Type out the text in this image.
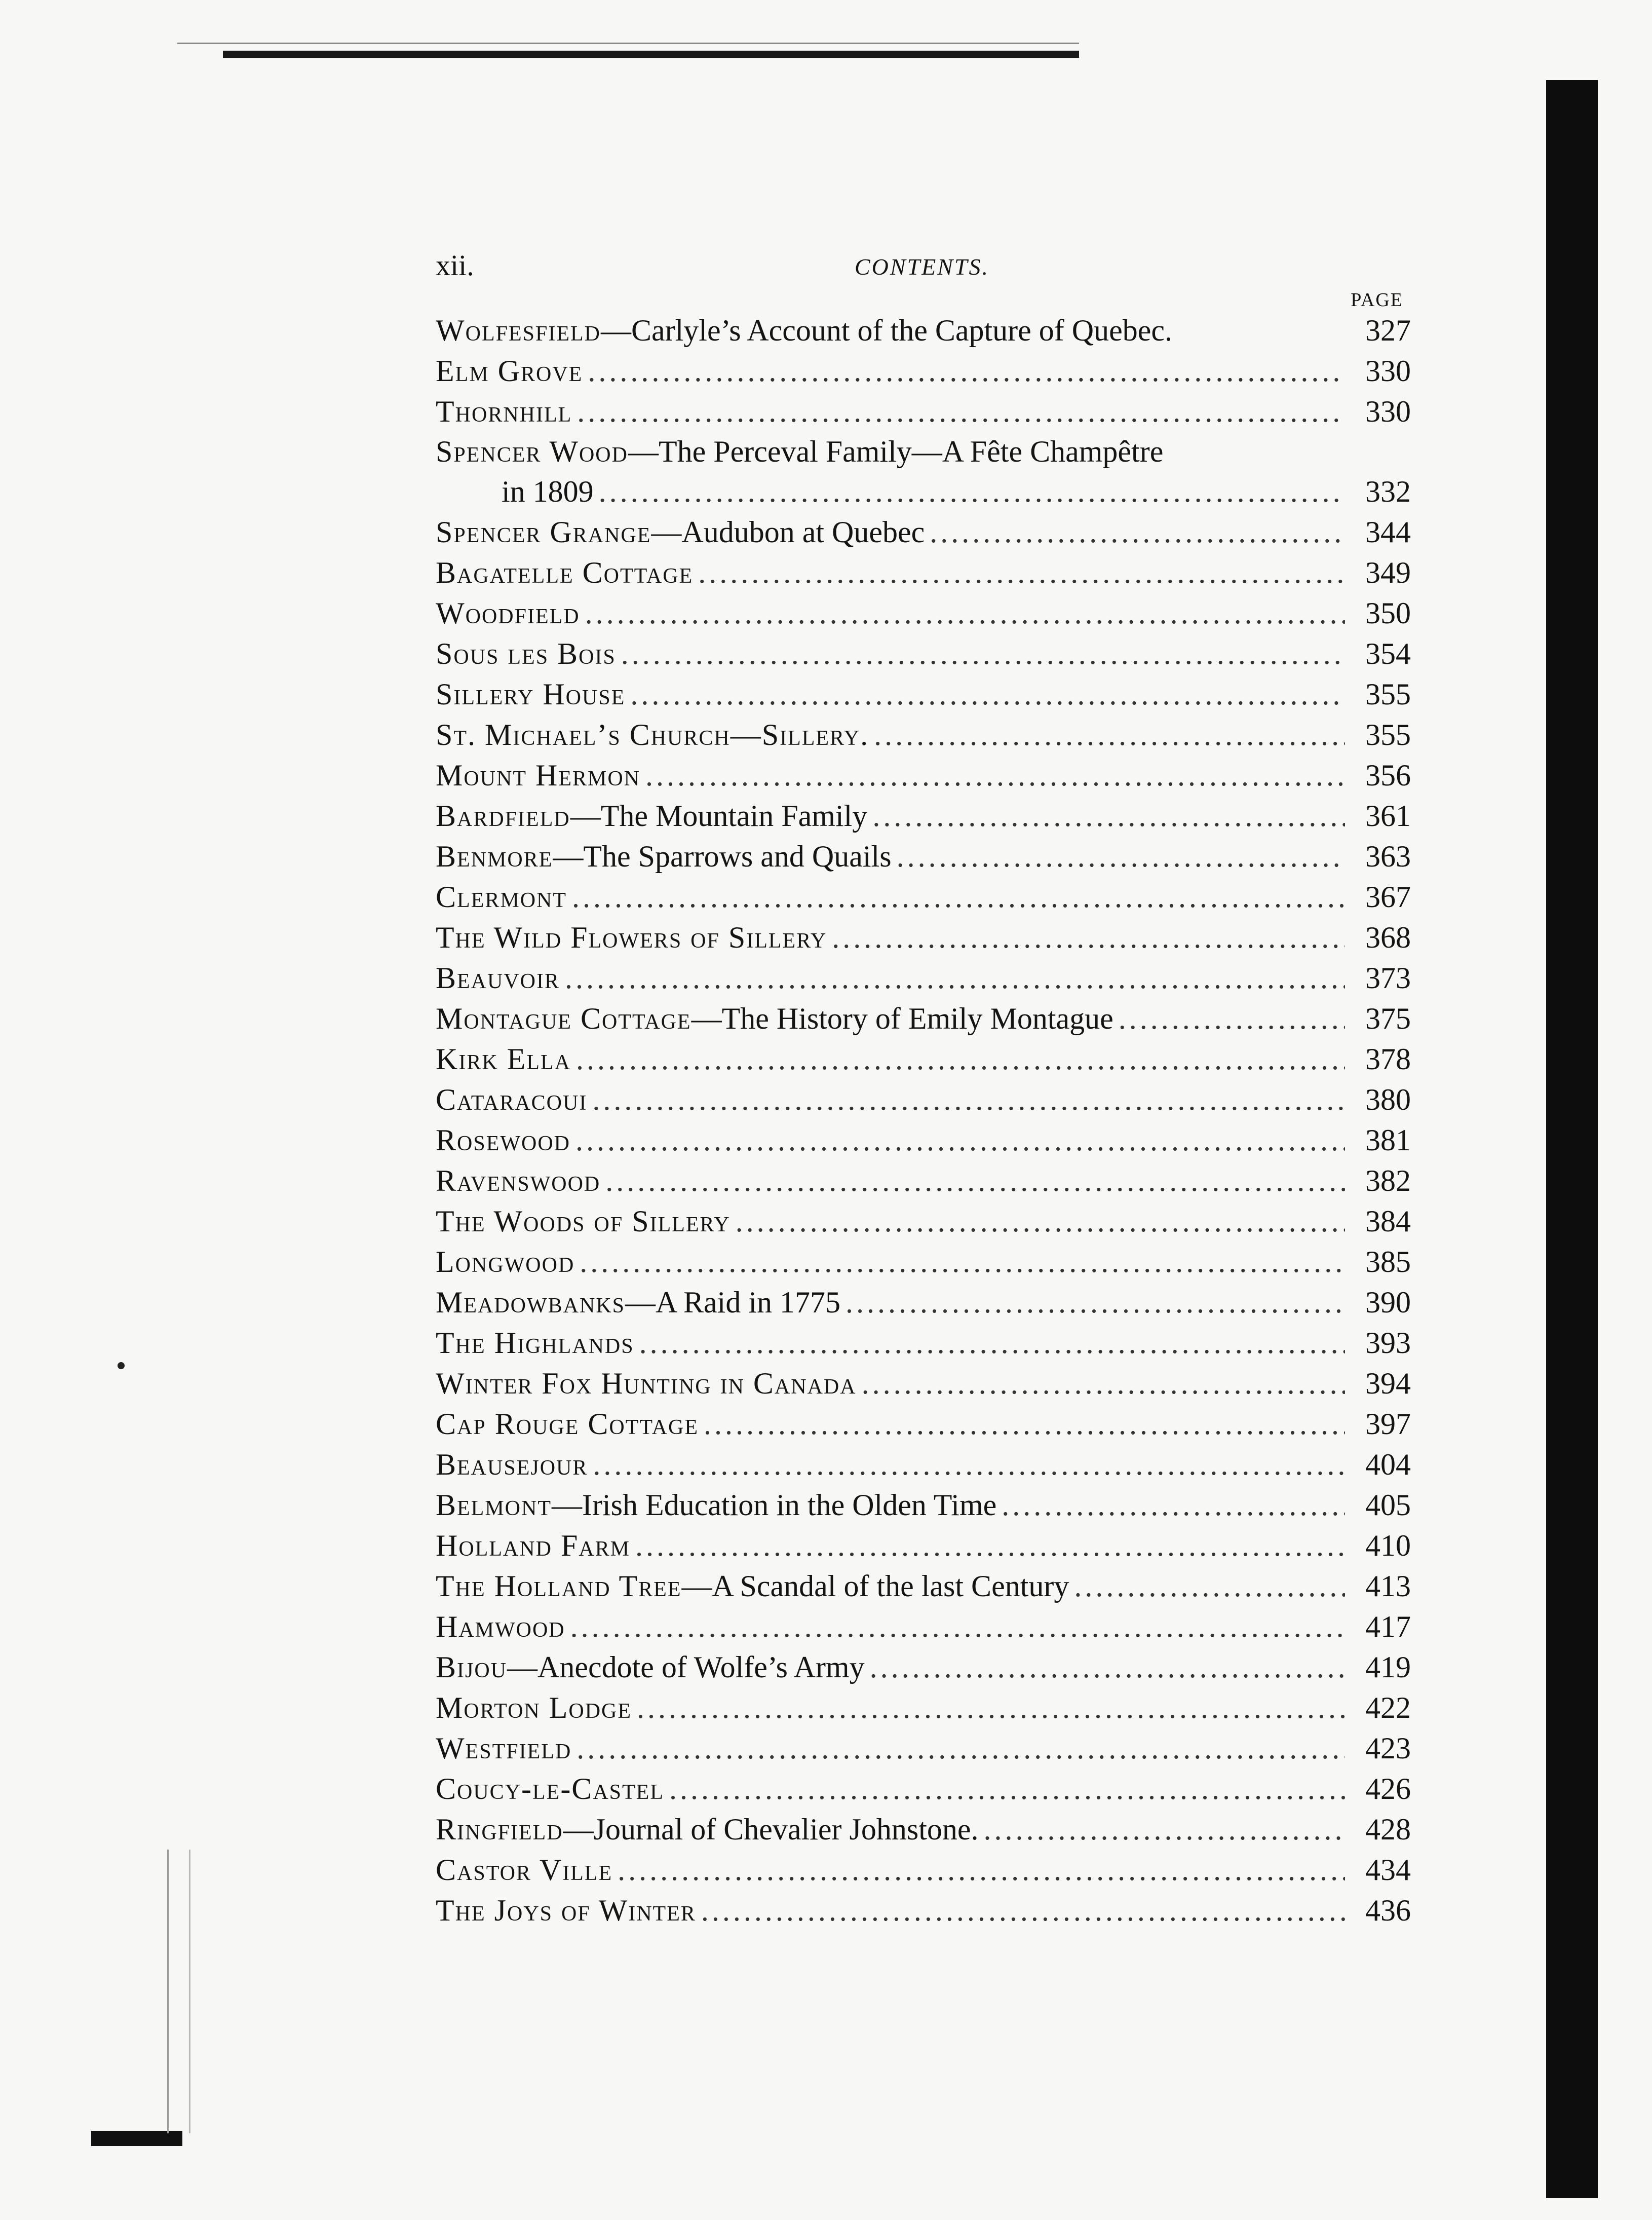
xii.	CONTENTS.
PAGE
Wolfesfield—Carlyle’s Account of the Capture of Quebec.	327
Elm Grove .....	330
Thornhill .....	330
Spencer Wood—The Perceval Family—A Fête Champêtre
in 1809 .....	332
Spencer Grange—Audubon at Quebec .....	344
Bagatelle Cottage .....	349
Woodfield .....	350
Sous les Bois .....	354
Sillery House .....	355
St. Michael’s Church—Sillery. .....	355
Mount Hermon .....	356
Bardfield—The Mountain Family .....	361
Benmore—The Sparrows and Quails .....	363
Clermont .....	367
The Wild Flowers of Sillery .....	368
Beauvoir .....	373
Montague Cottage—The History of Emily Montague .....	375
Kirk Ella .....	378
Cataracoui .....	380
Rosewood .....	381
Ravenswood .....	382
The Woods of Sillery .....	384
Longwood .....	385
Meadowbanks—A Raid in 1775 .....	390
The Highlands .....	393
Winter Fox Hunting in Canada .....	394
Cap Rouge Cottage .....	397
Beausejour .....	404
Belmont—Irish Education in the Olden Time .....	405
Holland Farm .....	410
The Holland Tree—A Scandal of the last Century .....	413
Hamwood .....	417
Bijou—Anecdote of Wolfe’s Army .....	419
Morton Lodge .....	422
Westfield .....	423
Coucy-le-Castel .....	426
Ringfield—Journal of Chevalier Johnstone. .....	428
Castor Ville .....	434
The Joys of Winter .....	436
